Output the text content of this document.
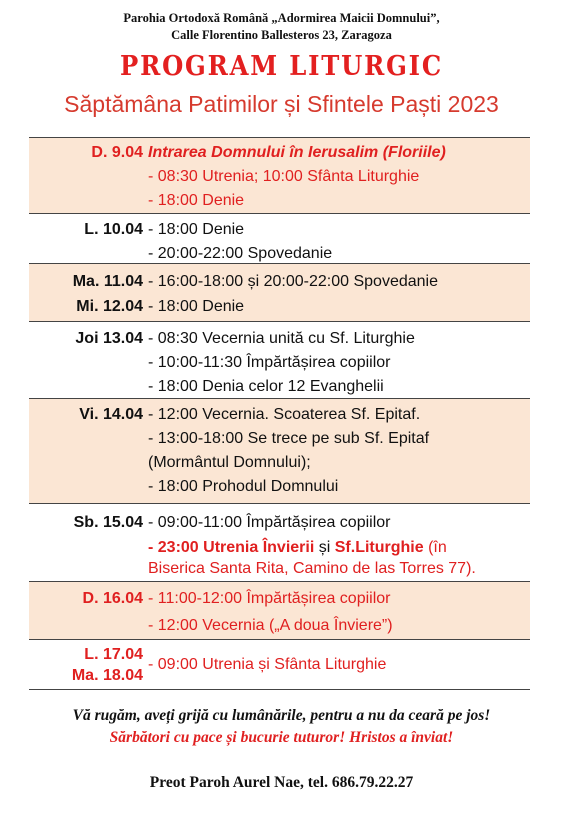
Parohia Ortodoxă Română „Adormirea Maicii Domnului”,
Calle Florentino Ballesteros 23, Zaragoza
PROGRAM LITURGIC
Săptămâna Patimilor și Sfintele Paști 2023
D. 9.04 Intrarea Domnului în Ierusalim (Floriile)
- 08:30 Utrenia; 10:00 Sfânta Liturghie
- 18:00 Denie
L. 10.04 - 18:00 Denie
- 20:00-22:00 Spovedanie
Ma. 11.04
Mi. 12.04
- 16:00-18:00 și 20:00-22:00 Spovedanie
- 18:00 Denie
Joi 13.04 - 08:30 Vecernia unită cu Sf. Liturghie
- 10:00-11:30 Împărtășirea copiilor
- 18:00 Denia celor 12 Evanghelii
Vi. 14.04 - 12:00 Vecernia. Scoaterea Sf. Epitaf.
- 13:00-18:00 Se trece pe sub Sf. Epitaf
(Mormântul Domnului);
- 18:00 Prohodul Domnului
Sb. 15.04 - 09:00-11:00 Împărtășirea copiilor
- 23:00 Utrenia Învierii și Sf.Liturghie (în
Biserica Santa Rita, Camino de las Torres 77).
D. 16.04 - 11:00-12:00 Împărtășirea copiilor
- 12:00 Vecernia („A doua Înviere”)
L. 17.04
Ma. 18.04
- 09:00 Utrenia și Sfânta Liturghie
Vă rugăm, aveți grijă cu lumânările, pentru a nu da ceară pe jos!
Sărbători cu pace și bucurie tuturor! Hristos a înviat!
Preot Paroh Aurel Nae, tel. 686.79.22.27
